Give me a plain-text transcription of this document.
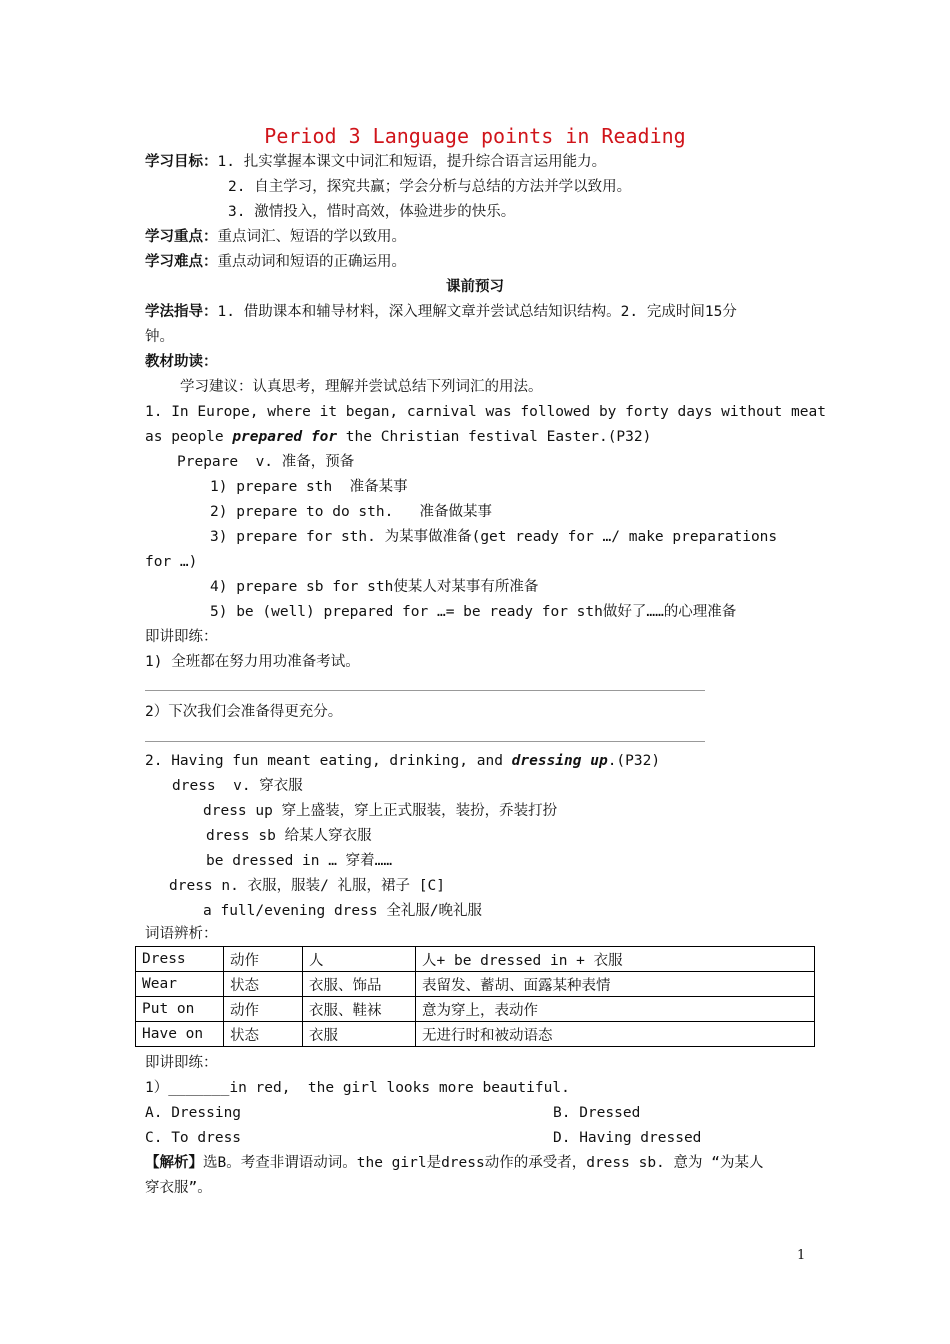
Period 3 Language points in Reading
学习目标：1. 扎实掌握本课文中词汇和短语，提升综合语言运用能力。
2. 自主学习，探究共赢；学会分析与总结的方法并学以致用。
3. 激情投入，惜时高效，体验进步的快乐。
学习重点：重点词汇、短语的学以致用。
学习难点：重点动词和短语的正确运用。
课前预习
学法指导：1. 借助课本和辅导材料，深入理解文章并尝试总结知识结构。2. 完成时间15分
钟。
教材助读：
学习建议：认真思考，理解并尝试总结下列词汇的用法。
1. In Europe, where it began, carnival was followed by forty days without meat
as people prepared for the Christian festival Easter.(P32)
Prepare  v. 准备，预备
1) prepare sth  准备某事
2) prepare to do sth.   准备做某事
3) prepare for sth. 为某事做准备(get ready for …/ make preparations
for …)
4) prepare sb for sth使某人对某事有所准备
5) be (well) prepared for …= be ready for sth做好了……的心理准备
即讲即练：
1) 全班都在努力用功准备考试。
2）下次我们会准备得更充分。
2. Having fun meant eating, drinking, and dressing up.(P32)
dress  v. 穿衣服
dress up 穿上盛装，穿上正式服装，装扮，乔装打扮
dress sb 给某人穿衣服
be dressed in … 穿着……
dress n. 衣服，服装/ 礼服，裙子 [C]
a full/evening dress 全礼服/晚礼服
词语辨析：
Dress	动作	人	人+ be dressed in + 衣服
Wear	状态	衣服、饰品	表留发、蓄胡、面露某种表情
Put on	动作	衣服、鞋袜	意为穿上，表动作
Have on	状态	衣服	无进行时和被动语态
即讲即练：
1）_______in red,  the girl looks more beautiful.
A. Dressing	B. Dressed
C. To dress	D. Having dressed
【解析】选B。考查非谓语动词。the girl是dress动作的承受者，dress sb. 意为 “为某人
穿衣服”。
1
